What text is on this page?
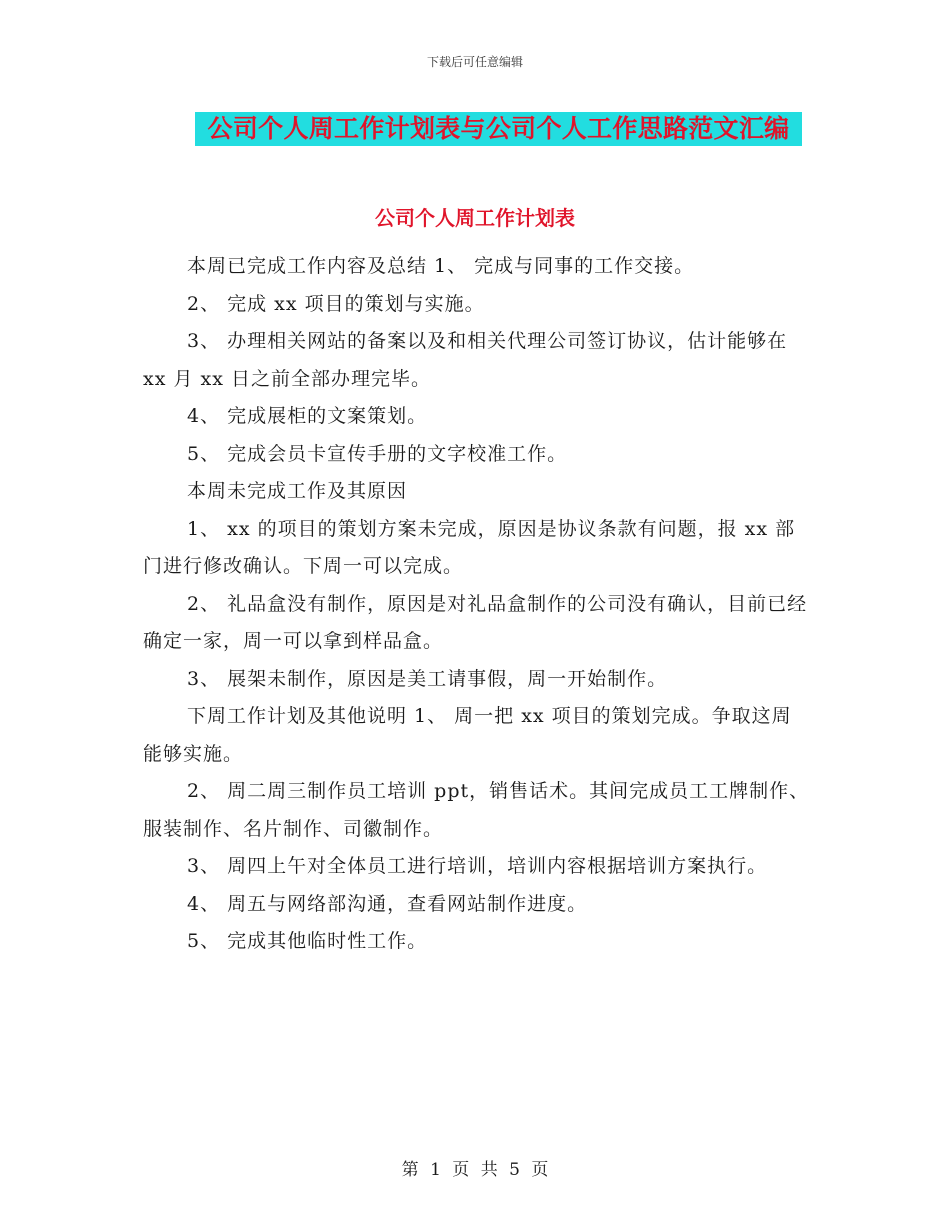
下载后可任意编辑
公司个人周工作计划表与公司个人工作思路范文汇编
公司个人周工作计划表

本周已完成工作内容及总结 1、 完成与同事的工作交接。

2、 完成 xx 项目的策划与实施。

3、 办理相关网站的备案以及和相关代理公司签订协议，估计能够在 xx 月 xx 日之前全部办理完毕。

4、 完成展柜的文案策划。

5、 完成会员卡宣传手册的文字校准工作。

本周未完成工作及其原因

1、 xx 的项目的策划方案未完成，原因是协议条款有问题，报 xx 部门进行修改确认。下周一可以完成。

2、 礼品盒没有制作，原因是对礼品盒制作的公司没有确认，目前已经确定一家，周一可以拿到样品盒。

3、 展架未制作，原因是美工请事假，周一开始制作。

下周工作计划及其他说明 1、 周一把 xx 项目的策划完成。争取这周能够实施。

2、 周二周三制作员工培训 ppt，销售话术。其间完成员工工牌制作、服装制作、名片制作、司徽制作。

3、 周四上午对全体员工进行培训，培训内容根据培训方案执行。

4、 周五与网络部沟通，查看网站制作进度。

5、 完成其他临时性工作。

第 1 页 共 5 页
